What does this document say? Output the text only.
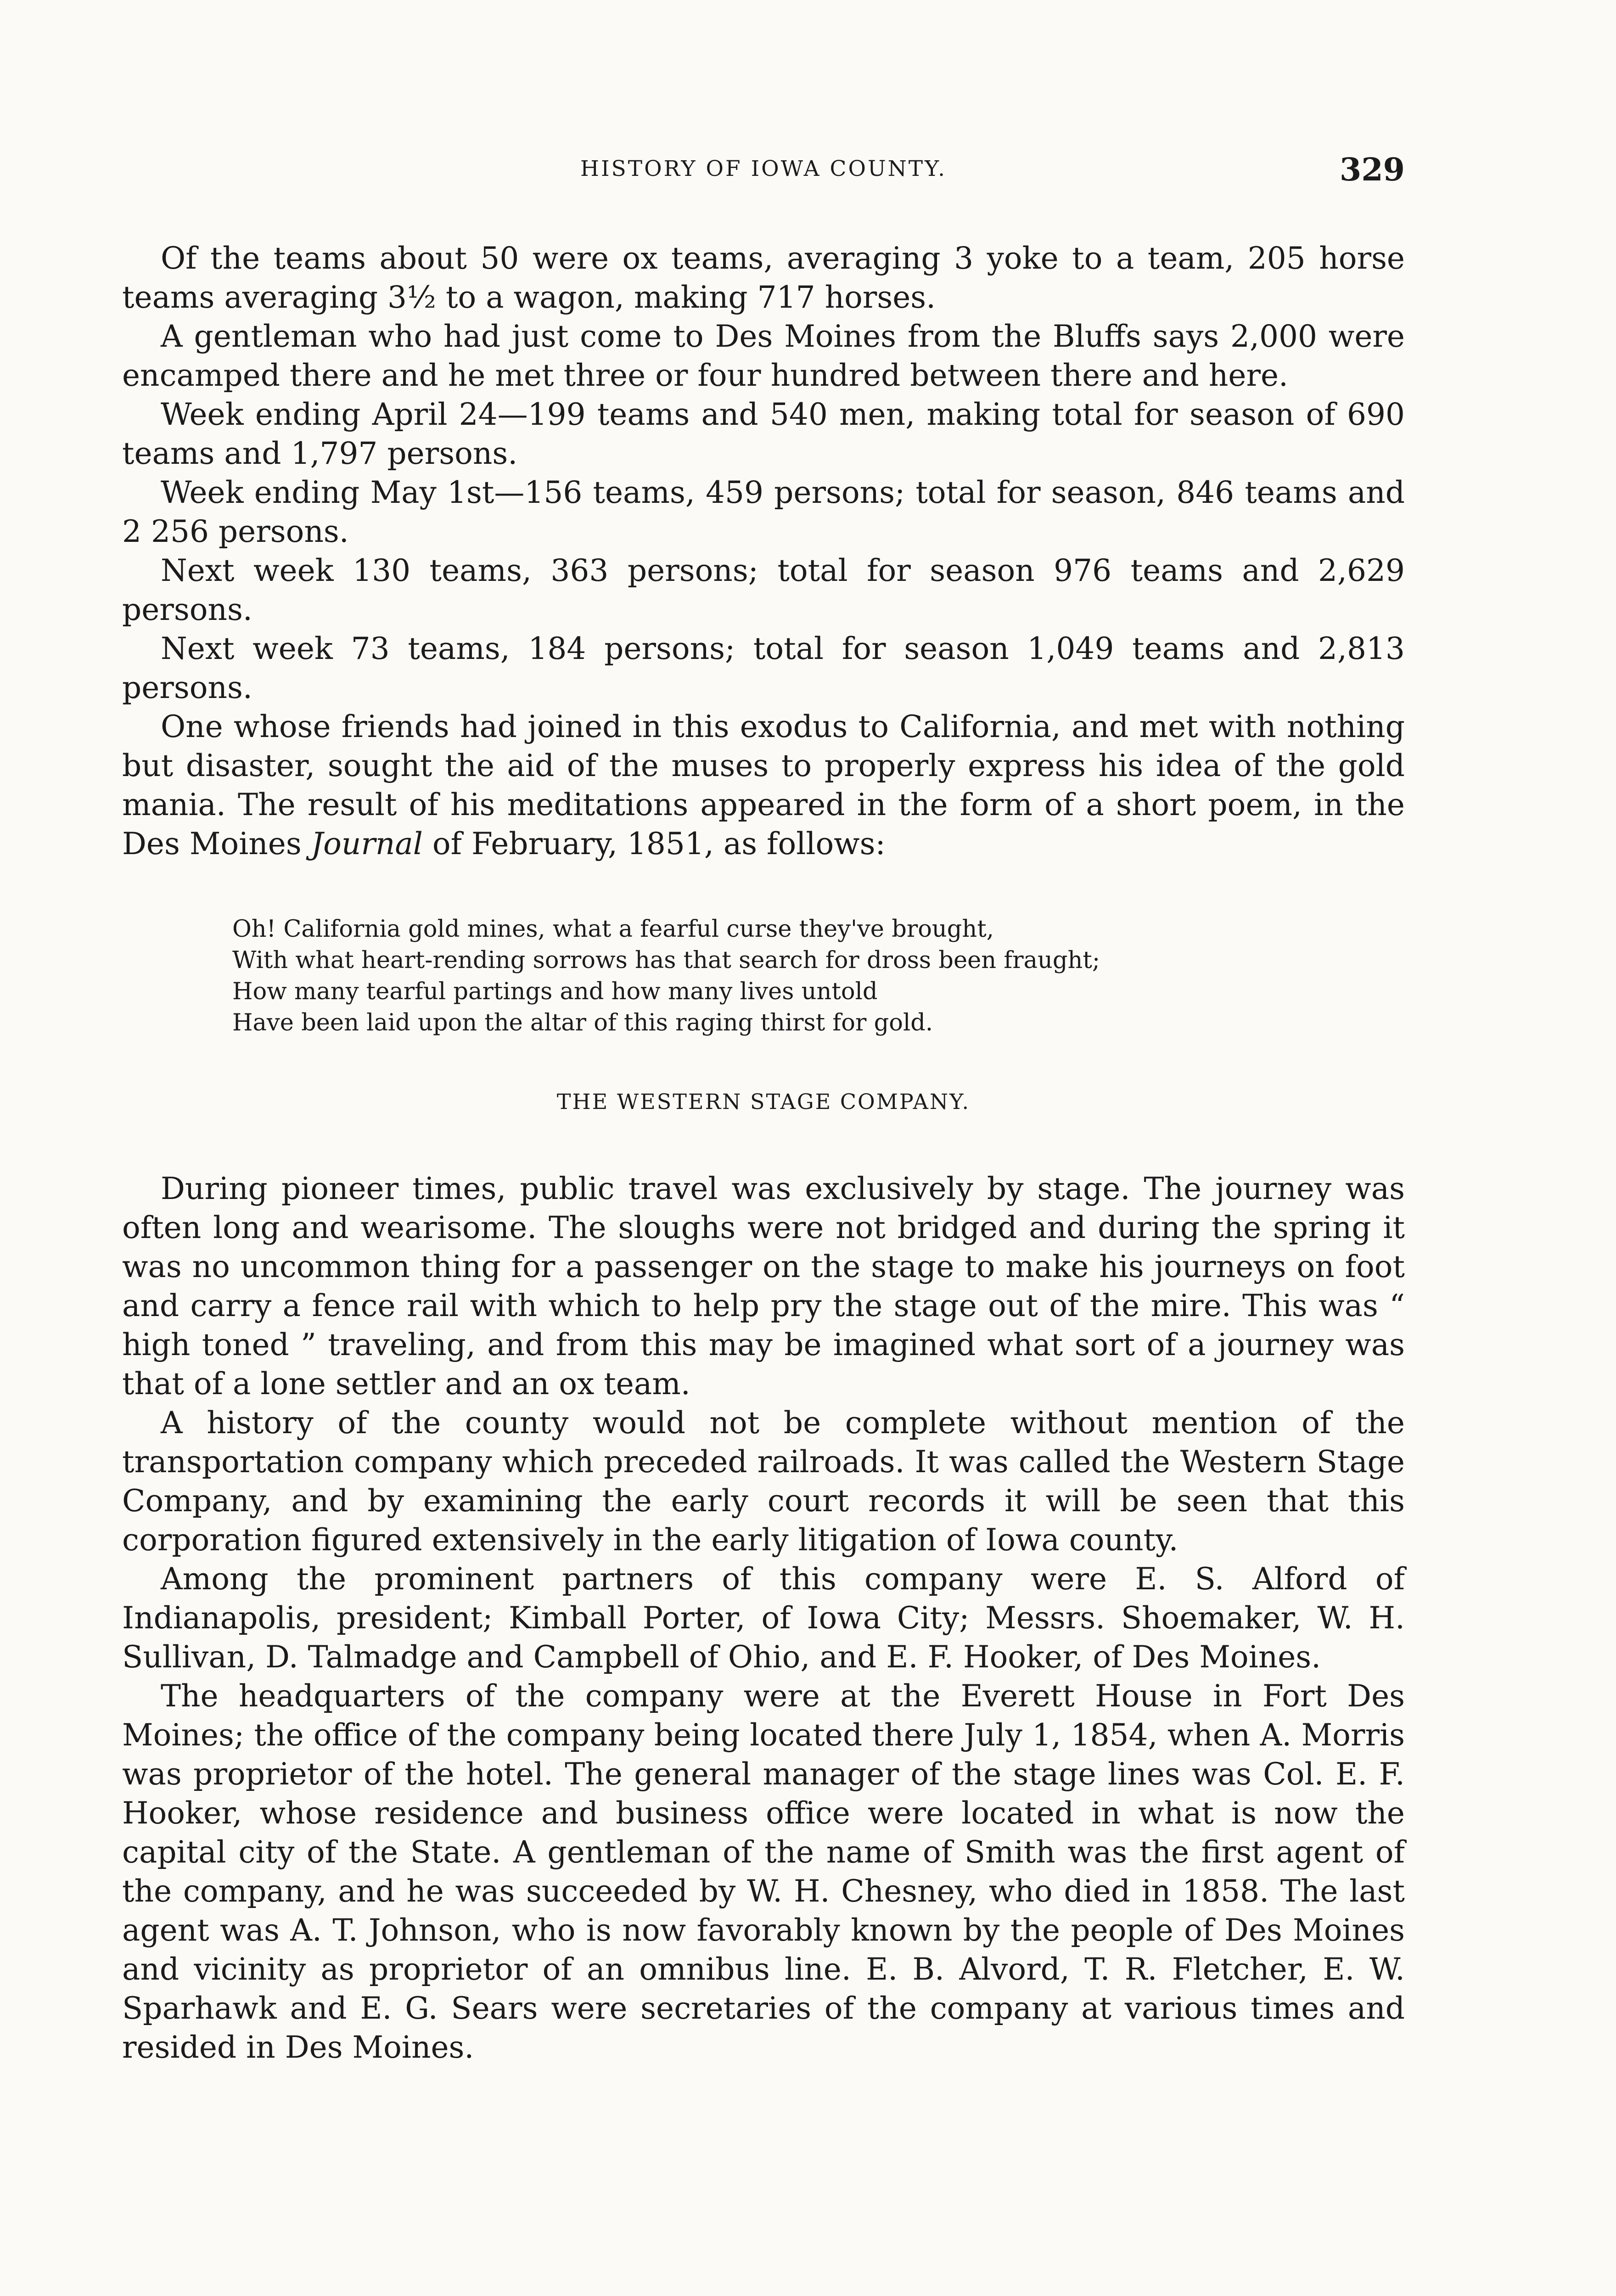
HISTORY OF IOWA COUNTY.	329

Of the teams about 50 were ox teams, averaging 3 yoke to a team, 205 horse teams averaging 3½ to a wagon, making 717 horses.

A gentleman who had just come to Des Moines from the Bluffs says 2,000 were encamped there and he met three or four hundred between there and here.

Week ending April 24—199 teams and 540 men, making total for season of 690 teams and 1,797 persons.

Week ending May 1st—156 teams, 459 persons; total for season, 846 teams and 2 256 persons.

Next week 130 teams, 363 persons; total for season 976 teams and 2,629 persons.

Next week 73 teams, 184 persons; total for season 1,049 teams and 2,813 persons.

One whose friends had joined in this exodus to California, and met with nothing but disaster, sought the aid of the muses to properly express his idea of the gold mania. The result of his meditations appeared in the form of a short poem, in the Des Moines Journal of February, 1851, as follows:

Oh! California gold mines, what a fearful curse they've brought,
With what heart-rending sorrows has that search for dross been fraught;
How many tearful partings and how many lives untold
Have been laid upon the altar of this raging thirst for gold.
THE WESTERN STAGE COMPANY.

During pioneer times, public travel was exclusively by stage. The journey was often long and wearisome. The sloughs were not bridged and during the spring it was no uncommon thing for a passenger on the stage to make his journeys on foot and carry a fence rail with which to help pry the stage out of the mire. This was “ high toned ” traveling, and from this may be imagined what sort of a journey was that of a lone settler and an ox team.

A history of the county would not be complete without mention of the transportation company which preceded railroads. It was called the Western Stage Company, and by examining the early court records it will be seen that this corporation figured extensively in the early litigation of Iowa county.

Among the prominent partners of this company were E. S. Alford of Indianapolis, president; Kimball Porter, of Iowa City; Messrs. Shoemaker, W. H. Sullivan, D. Talmadge and Campbell of Ohio, and E. F. Hooker, of Des Moines.

The headquarters of the company were at the Everett House in Fort Des Moines; the office of the company being located there July 1, 1854, when A. Morris was proprietor of the hotel. The general manager of the stage lines was Col. E. F. Hooker, whose residence and business office were located in what is now the capital city of the State. A gentleman of the name of Smith was the first agent of the company, and he was succeeded by W. H. Chesney, who died in 1858. The last agent was A. T. Johnson, who is now favorably known by the people of Des Moines and vicinity as proprietor of an omnibus line. E. B. Alvord, T. R. Fletcher, E. W. Sparhawk and E. G. Sears were secretaries of the company at various times and resided in Des Moines.
